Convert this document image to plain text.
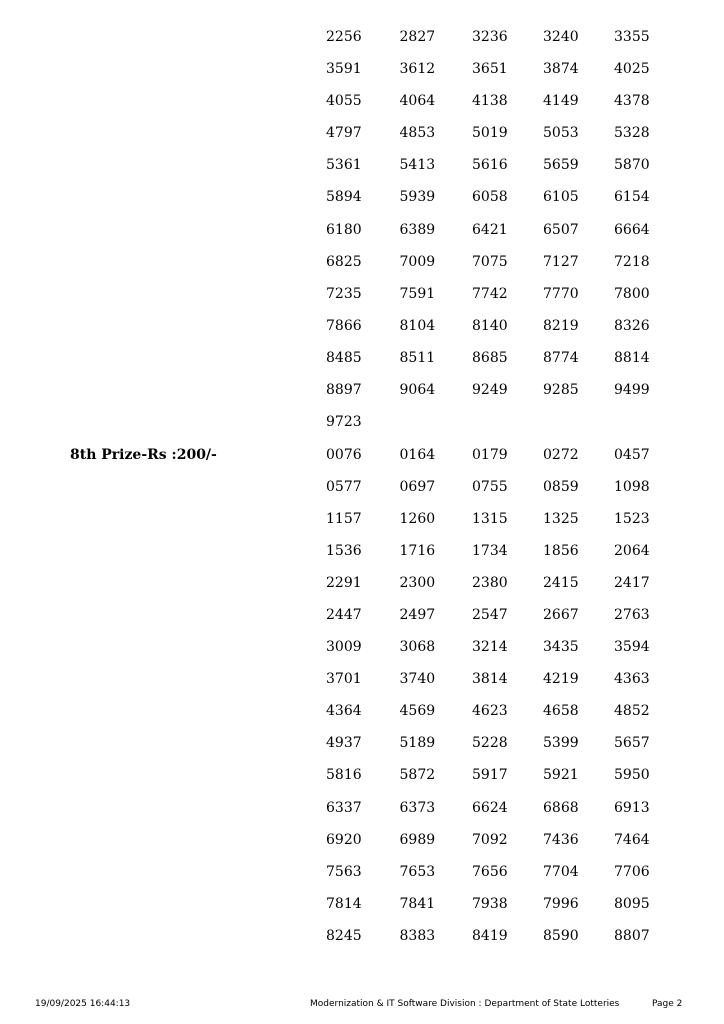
2256	2827	3236	3240	3355
3591	3612	3651	3874	4025
4055	4064	4138	4149	4378
4797	4853	5019	5053	5328
5361	5413	5616	5659	5870
5894	5939	6058	6105	6154
6180	6389	6421	6507	6664
6825	7009	7075	7127	7218
7235	7591	7742	7770	7800
7866	8104	8140	8219	8326
8485	8511	8685	8774	8814
8897	9064	9249	9285	9499
9723
8th Prize-Rs :200/-	0076	0164	0179	0272	0457
0577	0697	0755	0859	1098
1157	1260	1315	1325	1523
1536	1716	1734	1856	2064
2291	2300	2380	2415	2417
2447	2497	2547	2667	2763
3009	3068	3214	3435	3594
3701	3740	3814	4219	4363
4364	4569	4623	4658	4852
4937	5189	5228	5399	5657
5816	5872	5917	5921	5950
6337	6373	6624	6868	6913
6920	6989	7092	7436	7464
7563	7653	7656	7704	7706
7814	7841	7938	7996	8095
8245	8383	8419	8590	8807
19/09/2025 16:44:13	Modernization & IT Software Division : Department of State Lotteries	Page 2
